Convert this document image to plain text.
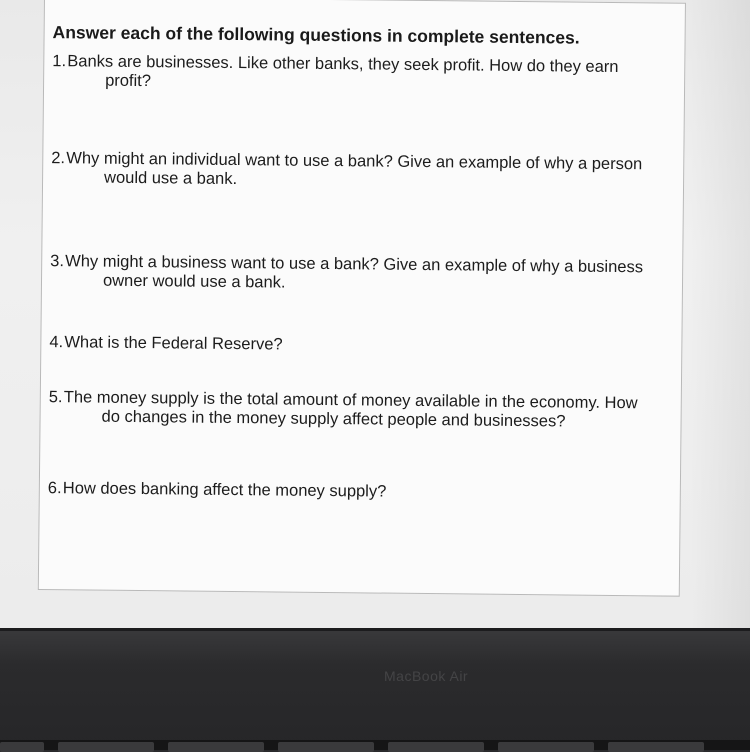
Answer each of the following questions in complete sentences.

1. Banks are businesses. Like other banks, they seek profit. How do they earn
profit?
2. Why might an individual want to use a bank? Give an example of why a person
would use a bank.
3. Why might a business want to use a bank? Give an example of why a business
owner would use a bank.
4. What is the Federal Reserve?
5. The money supply is the total amount of money available in the economy. How
do changes in the money supply affect people and businesses?
6. How does banking affect the money supply?
MacBook Air
